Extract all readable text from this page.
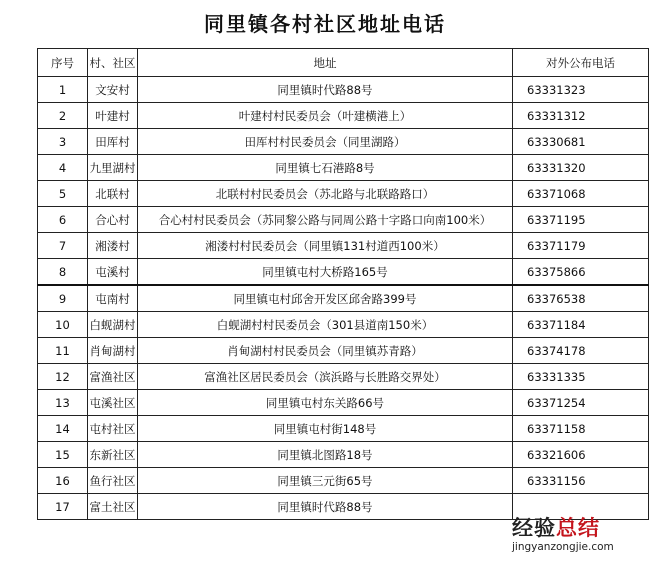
同里镇各村社区地址电话
序号	村、社区	地址	对外公布电话
1	文安村	同里镇时代路88号	63331323
2	叶建村	叶建村村民委员会（叶建横港上）	63331312
3	田厍村	田厍村村民委员会（同里湖路）	63330681
4	九里湖村	同里镇七石港路8号	63331320
5	北联村	北联村村民委员会（苏北路与北联路路口）	63371068
6	合心村	合心村村民委员会（苏同黎公路与同周公路十字路口向南100米）	63371195
7	湘溇村	湘溇村村民委员会（同里镇131村道西100米）	63371179
8	屯溪村	同里镇屯村大桥路165号	63375866
9	屯南村	同里镇屯村邱舍开发区邱舍路399号	63376538
10	白蚬湖村	白蚬湖村村民委员会（301县道南150米）	63371184
11	肖甸湖村	肖甸湖村村民委员会（同里镇苏青路）	63374178
12	富渔社区	富渔社区居民委员会（滨浜路与长胜路交界处）	63331335
13	屯溪社区	同里镇屯村东关路66号	63371254
14	屯村社区	同里镇屯村街148号	63371158
15	东新社区	同里镇北图路18号	63321606
16	鱼行社区	同里镇三元街65号	63331156
17	富土社区	同里镇时代路88号	
经验总结
jingyanzongjie.com
